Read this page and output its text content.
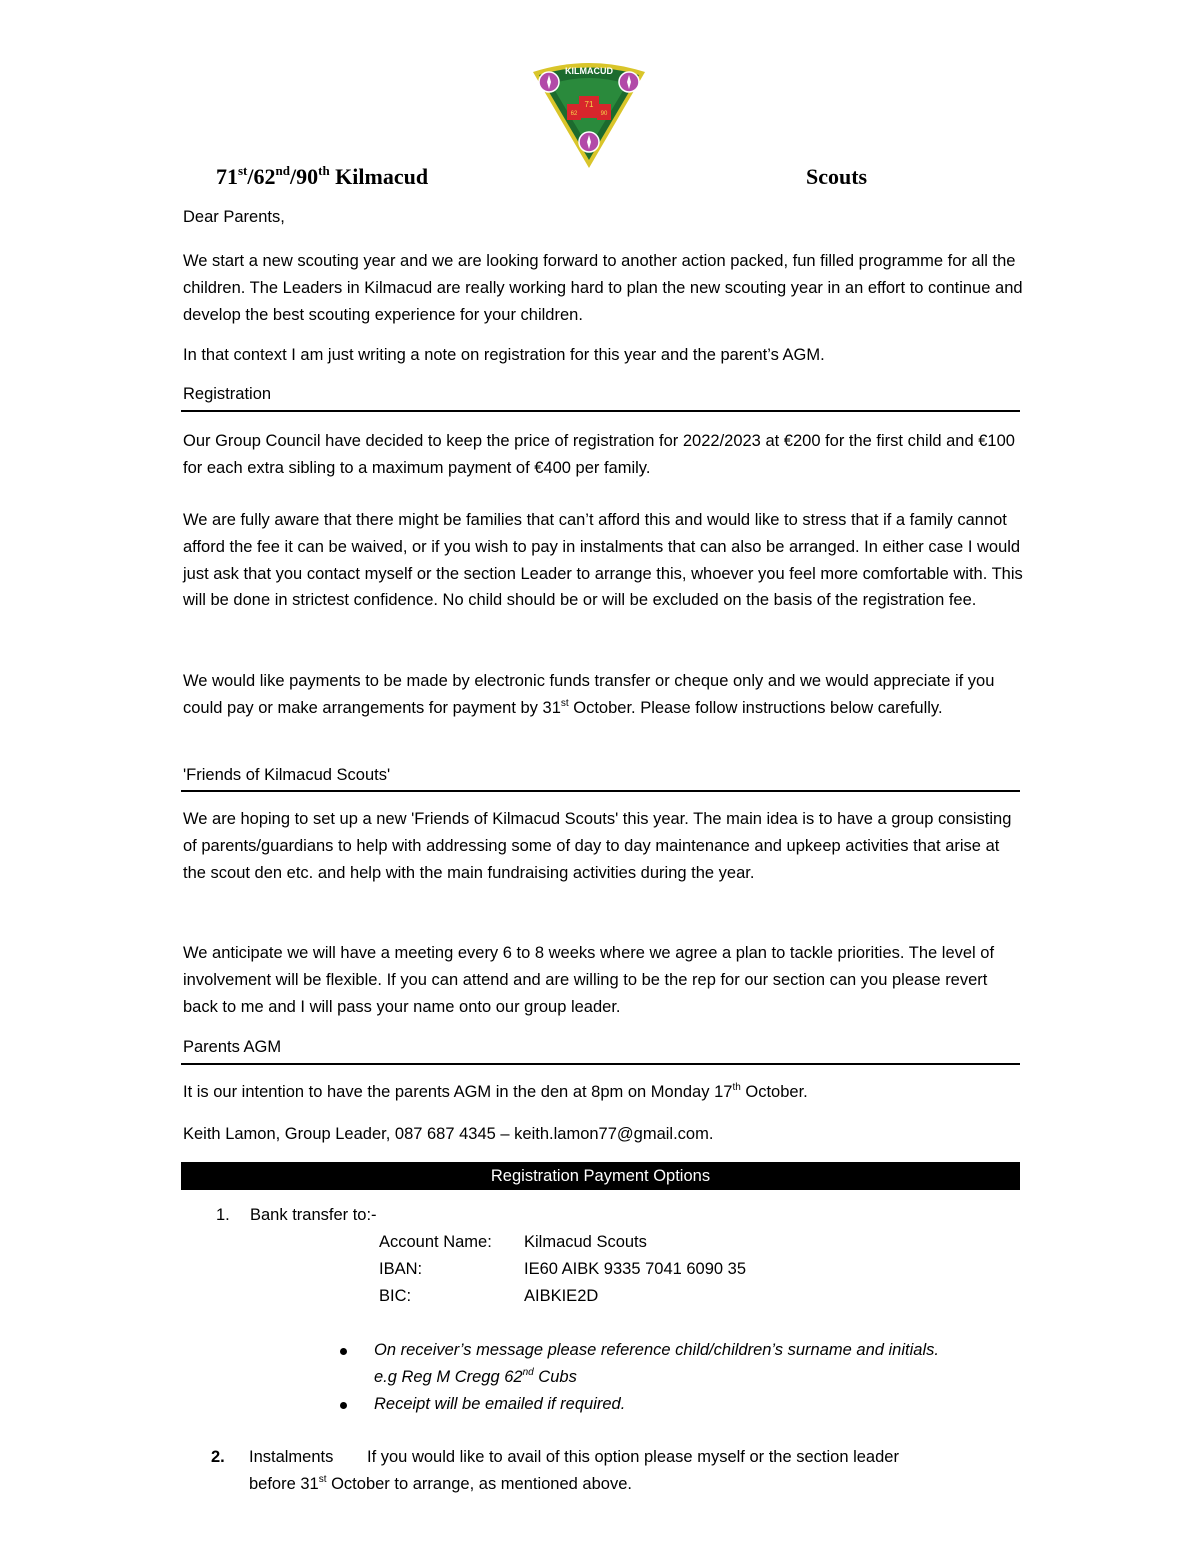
KILMACUD
71
62	90
71st/62nd/90th Kilmacud	Scouts
Dear Parents,
We start a new scouting year and we are looking forward to another action packed, fun filled programme for all the children. The Leaders in Kilmacud are really working hard to plan the new scouting year in an effort to continue and develop the best scouting experience for your children.
In that context I am just writing a note on registration for this year and the parent’s AGM.
Registration
Our Group Council have decided to keep the price of registration for 2022/2023 at €200 for the first child and €100 for each extra sibling to a maximum payment of €400 per family.
We are fully aware that there might be families that can’t afford this and would like to stress that if a family cannot afford the fee it can be waived, or if you wish to pay in instalments that can also be arranged. In either case I would just ask that you contact myself or the section Leader to arrange this, whoever you feel more comfortable with. This will be done in strictest confidence. No child should be or will be excluded on the basis of the registration fee.
We would like payments to be made by electronic funds transfer or cheque only and we would appreciate if you could pay or make arrangements for payment by 31st October. Please follow instructions below carefully.
'Friends of Kilmacud Scouts'
We are hoping to set up a new 'Friends of Kilmacud Scouts' this year. The main idea is to have a group consisting of parents/guardians to help with addressing some of day to day maintenance and upkeep activities that arise at the scout den etc. and help with the main fundraising activities during the year.
We anticipate we will have a meeting every 6 to 8 weeks where we agree a plan to tackle priorities. The level of involvement will be flexible. If you can attend and are willing to be the rep for our section can you please revert back to me and I will pass your name onto our group leader.
Parents AGM
It is our intention to have the parents AGM in the den at 8pm on Monday 17th October.
Keith Lamon, Group Leader, 087 687 4345 – keith.lamon77@gmail.com.
Registration Payment Options
1. Bank transfer to:-
Account Name: Kilmacud Scouts
IBAN:	IE60 AIBK 9335 7041 6090 35
BIC:	AIBKIE2D
On receiver’s message please reference child/children’s surname and initials.
e.g Reg M Cregg 62nd Cubs
Receipt will be emailed if required.
2. Instalments If you would like to avail of this option please myself or the section leader
before 31st October to arrange, as mentioned above.
